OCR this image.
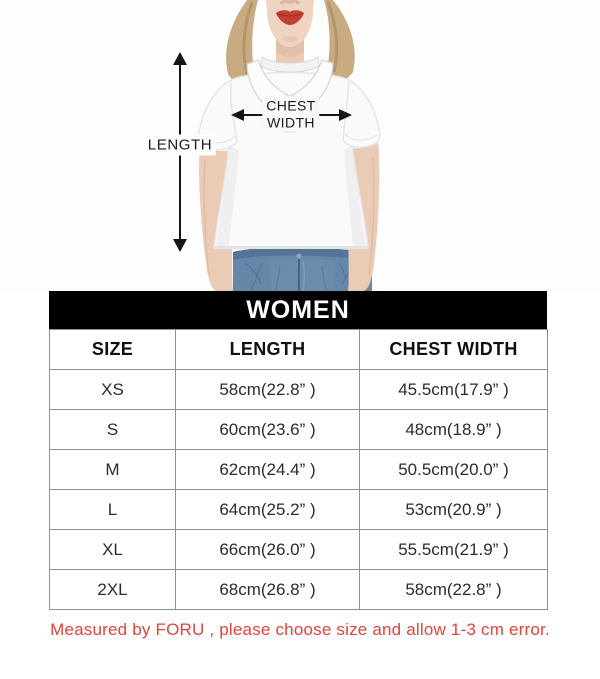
LENGTH
CHEST
WIDTH
WOMEN
SIZE	LENGTH	CHEST WIDTH
XS	58cm(22.8” )	45.5cm(17.9” )
S	60cm(23.6” )	48cm(18.9” )
M	62cm(24.4” )	50.5cm(20.0” )
L	64cm(25.2” )	53cm(20.9” )
XL	66cm(26.0” )	55.5cm(21.9” )
2XL	68cm(26.8” )	58cm(22.8” )
Measured by FORU , please choose size and allow 1-3 cm error.
